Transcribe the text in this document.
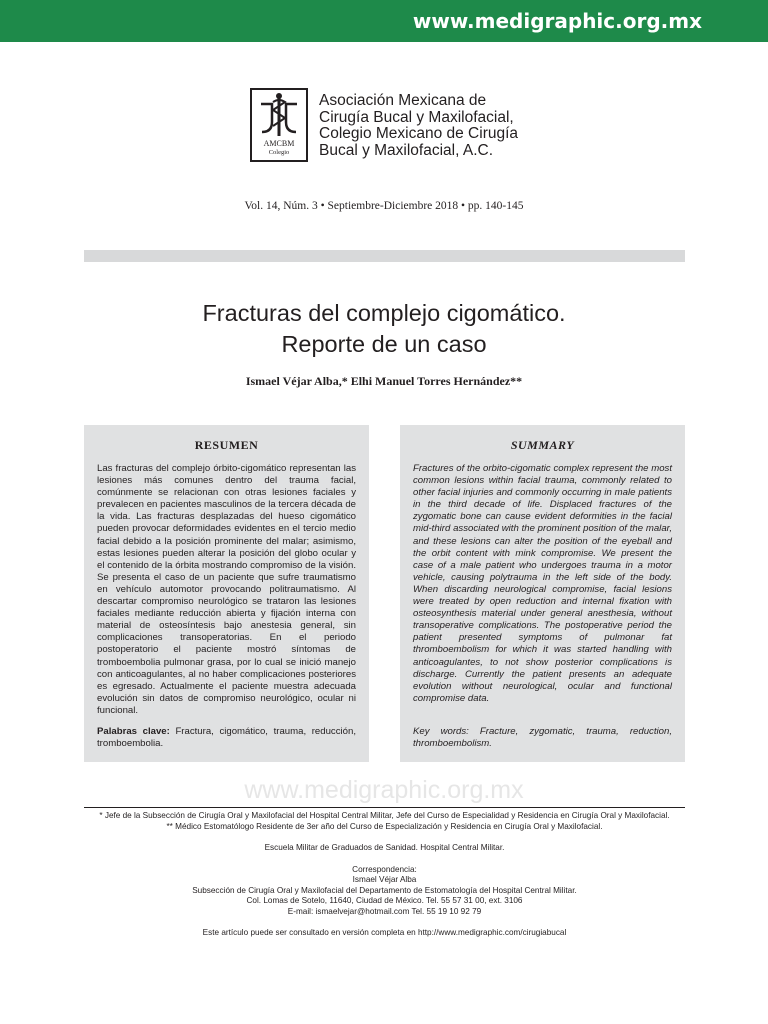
www.medigraphic.org.mx
AMCBM
Colegio
Asociación Mexicana de
Cirugía Bucal y Maxilofacial,
Colegio Mexicano de Cirugía
Bucal y Maxilofacial, A.C.
Vol. 14, Núm. 3 • Septiembre-Diciembre 2018 • pp. 140-145
Fracturas del complejo cigomático.
Reporte de un caso
Ismael Véjar Alba,* Elhi Manuel Torres Hernández**
RESUMEN
Las fracturas del complejo órbito-cigomático representan las lesiones más comunes dentro del trauma facial, comúnmente se relacionan con otras lesiones faciales y prevalecen en pacientes masculinos de la tercera década de la vida. Las fracturas desplazadas del hueso cigomático pueden provocar deformidades evidentes en el tercio medio facial debido a la posición prominente del malar; asimismo, estas lesiones pueden alterar la posición del globo ocular y el contenido de la órbita mostrando compromiso de la visión. Se presenta el caso de un paciente que sufre traumatismo en vehículo automotor provocando politraumatismo. Al descartar compromiso neurológico se trataron las lesiones faciales mediante reducción abierta y fijación interna con material de osteosíntesis bajo anestesia general, sin complicaciones transoperatorias. En el periodo postoperatorio el paciente mostró síntomas de tromboembolia pulmonar grasa, por lo cual se inició manejo con anticoagulantes, al no haber complicaciones posteriores es egresado. Actualmente el paciente muestra adecuada evolución sin datos de compromiso neurológico, ocular ni funcional.
Palabras clave: Fractura, cigomático, trauma, reducción, tromboembolia.
SUMMARY
Fractures of the orbito-cigomatic complex represent the most common lesions within facial trauma, commonly related to other facial injuries and commonly occurring in male patients in the third decade of life. Displaced fractures of the zygomatic bone can cause evident deformities in the facial mid-third associated with the prominent position of the malar, and these lesions can alter the position of the eyeball and the orbit content with mink compromise. We present the case of a male patient who undergoes trauma in a motor vehicle, causing polytrauma in the left side of the body. When discarding neurological compromise, facial lesions were treated by open reduction and internal fixation with osteosynthesis material under general anesthesia, without transoperative complications. The postoperative period the patient presented symptoms of pulmonar fat thromboembolism for which it was started handling with anticoagulantes, to not show posterior complications is discharge. Currently the patient presents an adequate evolution without neurological, ocular and functional compromise data.
Key words: Fracture, zygomatic, trauma, reduction, thromboembolism.
www.medigraphic.org.mx
* Jefe de la Subsección de Cirugía Oral y Maxilofacial del Hospital Central Militar, Jefe del Curso de Especialidad y Residencia en Cirugía Oral y Maxilofacial.
** Médico Estomatólogo Residente de 3er año del Curso de Especialización y Residencia en Cirugía Oral y Maxilofacial.
Escuela Militar de Graduados de Sanidad. Hospital Central Militar.
Correspondencia:
Ismael Véjar Alba
Subsección de Cirugía Oral y Maxilofacial del Departamento de Estomatología del Hospital Central Militar.
Col. Lomas de Sotelo, 11640, Ciudad de México. Tel. 55 57 31 00, ext. 3106
E-mail: ismaelvejar@hotmail.com Tel. 55 19 10 92 79
Este artículo puede ser consultado en versión completa en http://www.medigraphic.com/cirugiabucal
